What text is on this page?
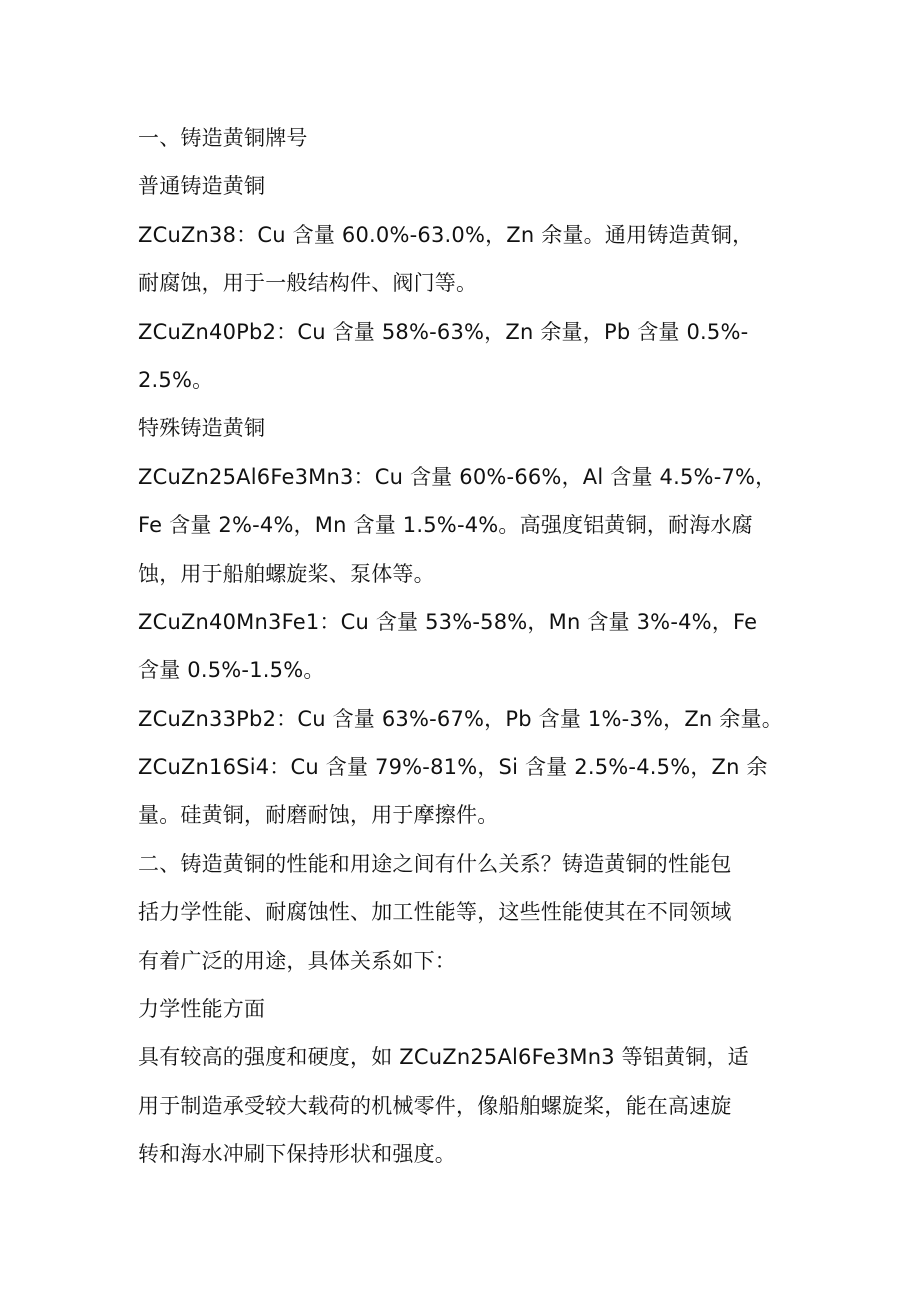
一、铸造黄铜牌号
普通铸造黄铜
ZCuZn38：Cu 含量 60.0%-63.0%，Zn 余量。通用铸造黄铜，
耐腐蚀，用于一般结构件、阀门等。
ZCuZn40Pb2：Cu 含量 58%-63%，Zn 余量，Pb 含量 0.5%-
2.5%。
特殊铸造黄铜
ZCuZn25Al6Fe3Mn3：Cu 含量 60%-66%，Al 含量 4.5%-7%，
Fe 含量 2%-4%，Mn 含量 1.5%-4%。高强度铝黄铜，耐海水腐
蚀，用于船舶螺旋桨、泵体等。
ZCuZn40Mn3Fe1：Cu 含量 53%-58%，Mn 含量 3%-4%，Fe
含量 0.5%-1.5%。
ZCuZn33Pb2：Cu 含量 63%-67%，Pb 含量 1%-3%，Zn 余量。
ZCuZn16Si4：Cu 含量 79%-81%，Si 含量 2.5%-4.5%，Zn 余
量。硅黄铜，耐磨耐蚀，用于摩擦件。
二、铸造黄铜的性能和用途之间有什么关系？铸造黄铜的性能包
括力学性能、耐腐蚀性、加工性能等，这些性能使其在不同领域
有着广泛的用途，具体关系如下：
力学性能方面
具有较高的强度和硬度，如 ZCuZn25Al6Fe3Mn3 等铝黄铜，适
用于制造承受较大载荷的机械零件，像船舶螺旋桨，能在高速旋
转和海水冲刷下保持形状和强度。
